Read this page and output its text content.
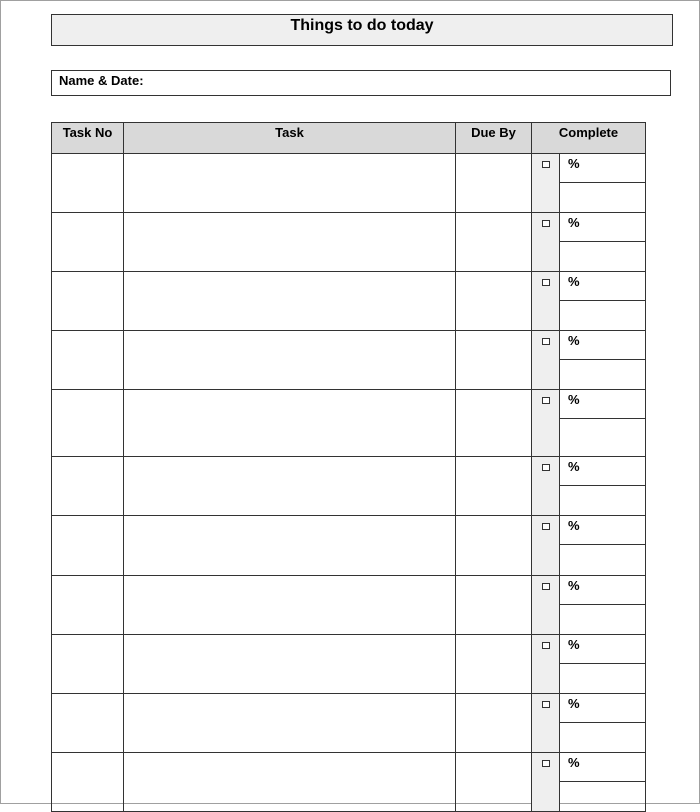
Things to do today
Name & Date:
Task No	Task	Due By	Complete	

				%

				%

				%

				%

				%

				%

				%

				%

				%

				%

				%
